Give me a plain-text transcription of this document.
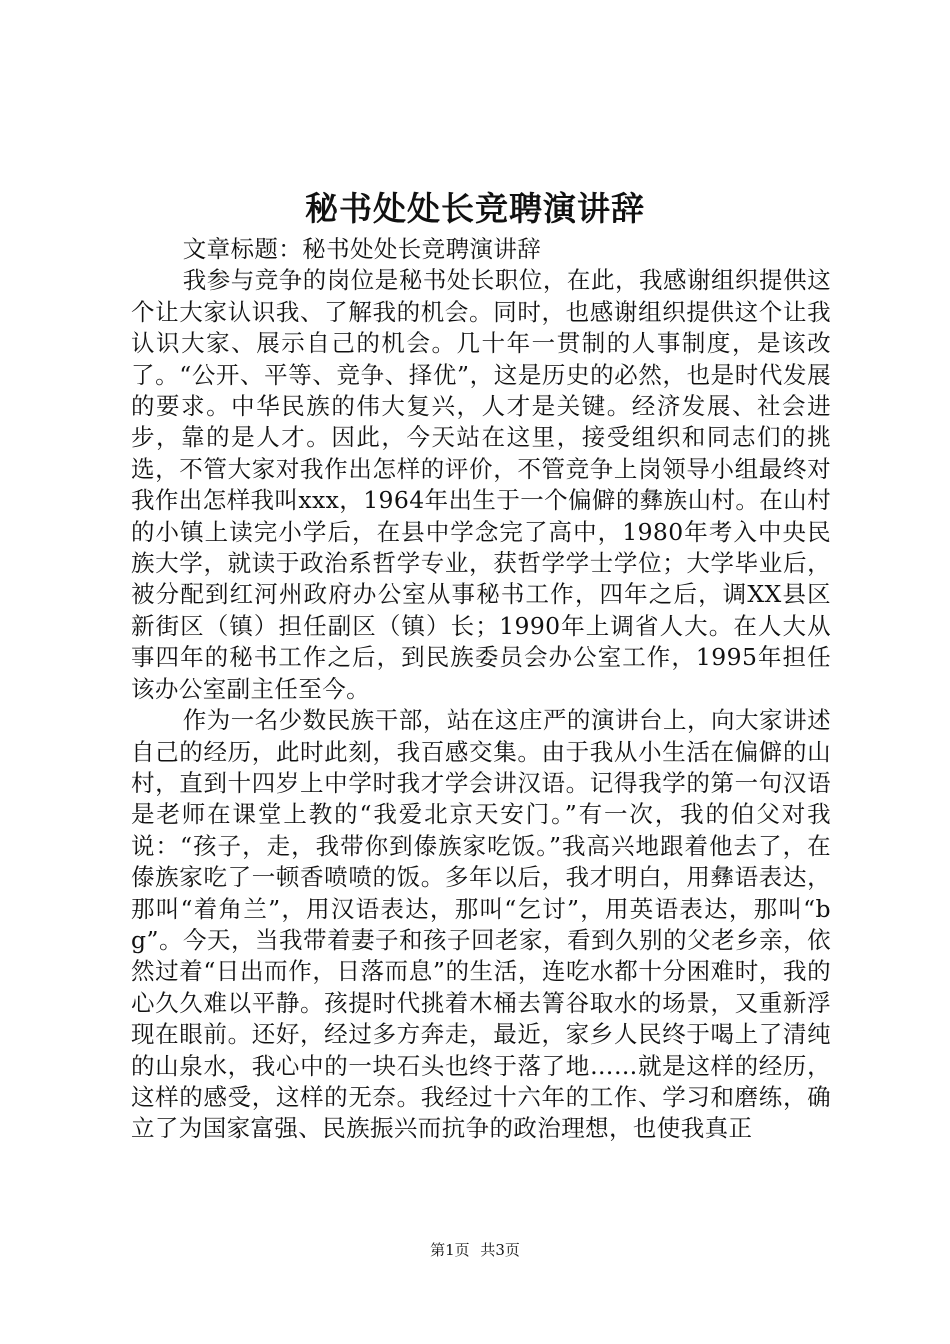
秘书处处长竞聘演讲辞

文章标题：秘书处处长竞聘演讲辞

我参与竞争的岗位是秘书处长职位，在此，我感谢组织提供这个让大家认识我、了解我的机会。同时，也感谢组织提供这个让我认识大家、展示自己的机会。几十年一贯制的人事制度，是该改了。“公开、平等、竞争、择优”，这是历史的必然，也是时代发展的要求。中华民族的伟大复兴，人才是关键。经济发展、社会进步，靠的是人才。因此，今天站在这里，接受组织和同志们的挑选，不管大家对我作出怎样的评价，不管竞争上岗领导小组最终对我作出怎样我叫xxx，1964年出生于一个偏僻的彝族山村。在山村的小镇上读完小学后，在县中学念完了高中，1980年考入中央民族大学，就读于政治系哲学专业，获哲学学士学位；大学毕业后，被分配到红河州政府办公室从事秘书工作，四年之后，调XX县区新街区（镇）担任副区（镇）长；1990年上调省人大。在人大从事四年的秘书工作之后，到民族委员会办公室工作，1995年担任该办公室副主任至今。

作为一名少数民族干部，站在这庄严的演讲台上，向大家讲述自己的经历，此时此刻，我百感交集。由于我从小生活在偏僻的山村，直到十四岁上中学时我才学会讲汉语。记得我学的第一句汉语是老师在课堂上教的“我爱北京天安门。”有一次，我的伯父对我说：“孩子，走，我带你到傣族家吃饭。”我高兴地跟着他去了，在傣族家吃了一顿香喷喷的饭。多年以后，我才明白，用彝语表达，那叫“着角兰”，用汉语表达，那叫“乞讨”，用英语表达，那叫“bg”。今天，当我带着妻子和孩子回老家，看到久别的父老乡亲，依然过着“日出而作，日落而息”的生活，连吃水都十分困难时，我的心久久难以平静。孩提时代挑着木桶去箐谷取水的场景，又重新浮现在眼前。还好，经过多方奔走，最近，家乡人民终于喝上了清纯的山泉水，我心中的一块石头也终于落了地……就是这样的经历，这样的感受，这样的无奈。我经过十六年的工作、学习和磨练，确立了为国家富强、民族振兴而抗争的政治理想，也使我真正

第1页 共3页
